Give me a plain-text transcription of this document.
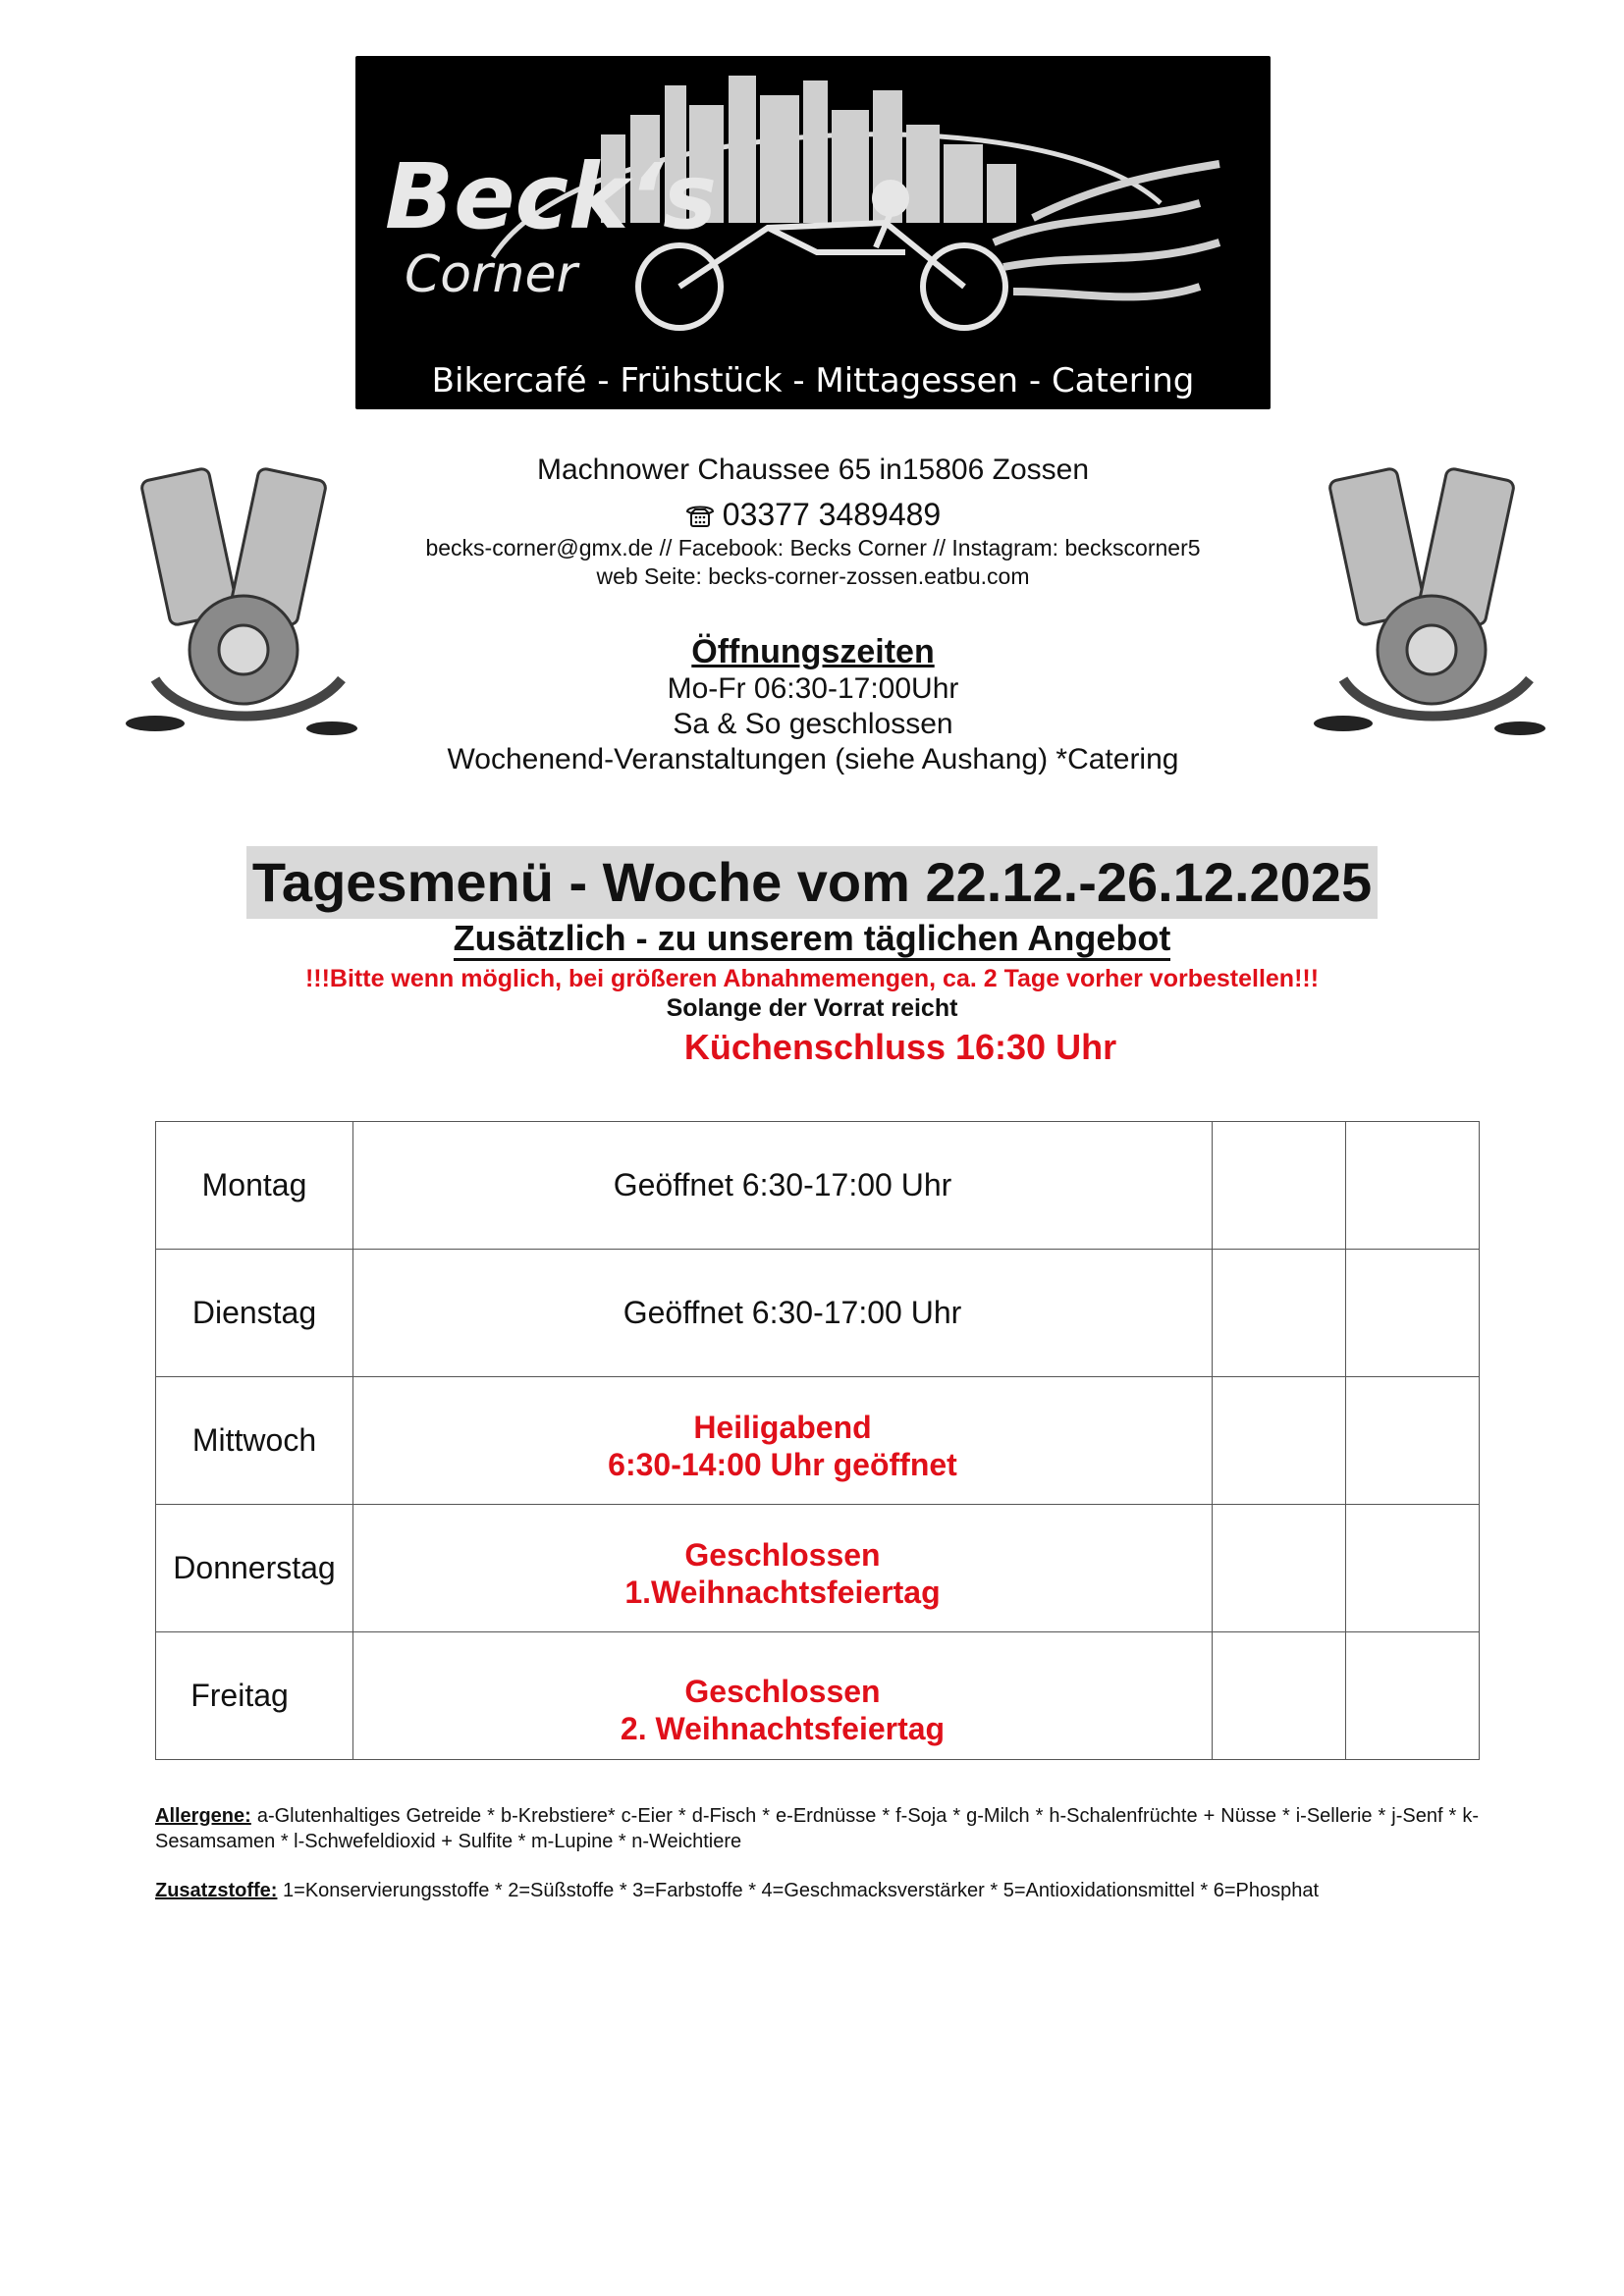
Beck‘s
Corner
Bikercafé - Frühstück - Mittagessen - Catering
Machnower Chaussee 65 in15806 Zossen
03377 3489489
becks-corner@gmx.de // Facebook: Becks Corner // Instagram: beckscorner5
web Seite: becks-corner-zossen.eatbu.com
Öffnungszeiten
Mo-Fr 06:30-17:00Uhr
Sa & So geschlossen
Wochenend-Veranstaltungen (siehe Aushang) *Catering
Tagesmenü - Woche vom 22.12.-26.12.2025
Zusätzlich - zu unserem täglichen Angebot
!!!Bitte wenn möglich, bei größeren Abnahmemengen, ca. 2 Tage vorher vorbestellen!!!
Solange der Vorrat reicht
Küchenschluss 16:30 Uhr
Montag	Geöffnet 6:30-17:00 Uhr		
Dienstag	Geöffnet 6:30-17:00 Uhr		
Mittwoch	Heiligabend
6:30-14:00 Uhr geöffnet		

Donnerstag	Geschlossen
1.Weihnachtsfeiertag		

Freitag	Geschlossen
2. Weihnachtsfeiertag		

Allergene: a-Glutenhaltiges Getreide * b-Krebstiere* c-Eier * d-Fisch * e-Erdnüsse * f-Soja * g-Milch * h-Schalenfrüchte + Nüsse * i-Sellerie * j-Senf * k-Sesamsamen * l-Schwefeldioxid + Sulfite * m-Lupine * n-Weichtiere
Zusatzstoffe: 1=Konservierungsstoffe * 2=Süßstoffe * 3=Farbstoffe * 4=Geschmacksverstärker * 5=Antioxidationsmittel * 6=Phosphat
